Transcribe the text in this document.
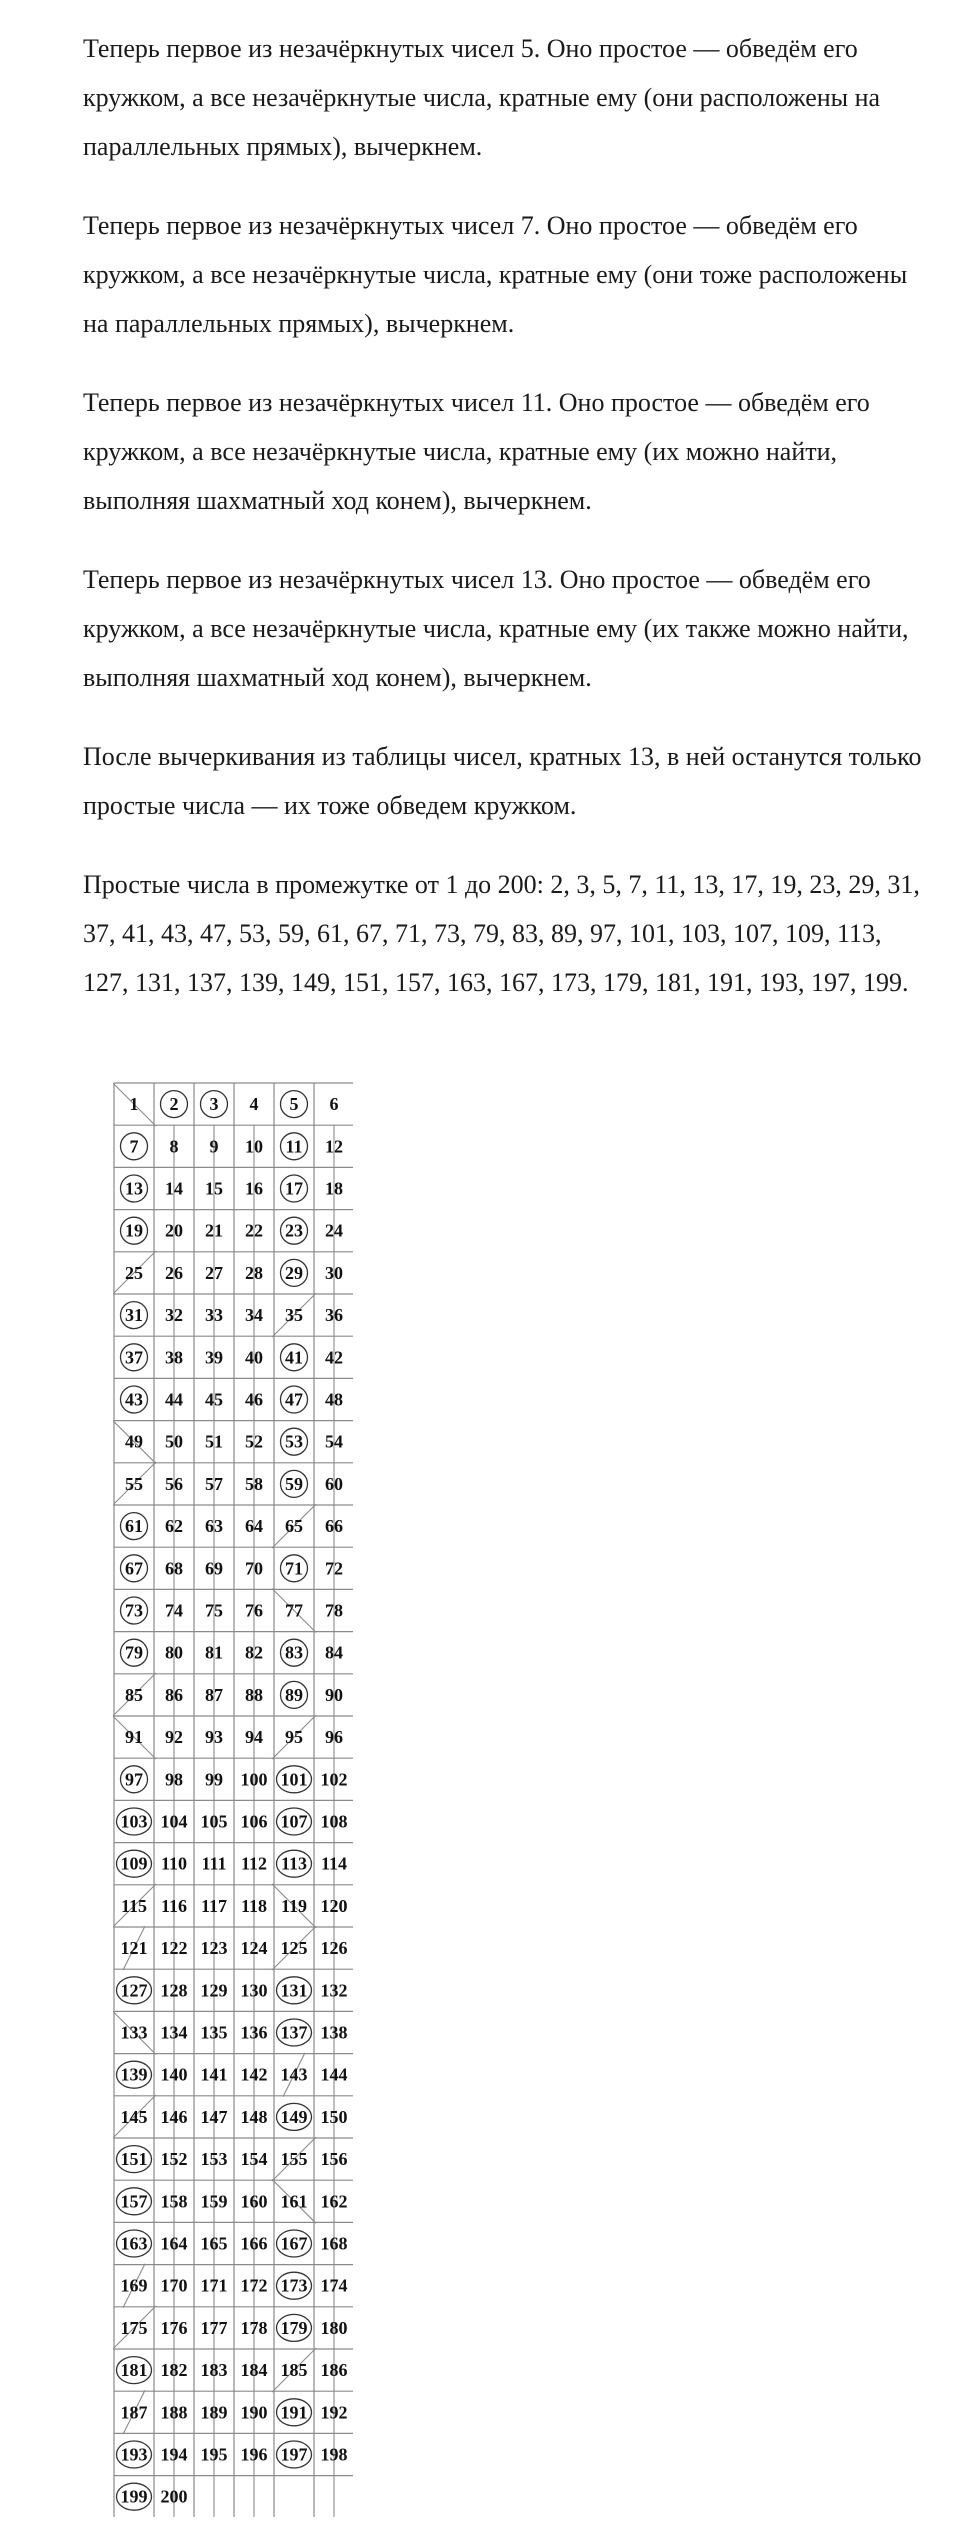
Теперь первое из незачёркнутых чисел 5. Оно простое — обведём его кружком, а все незачёркнутые числа, кратные ему (они расположены на параллельных прямых), вычеркнем.

Теперь первое из незачёркнутых чисел 7. Оно простое — обведём его кружком, а все незачёркнутые числа, кратные ему (они тоже расположены на параллельных прямых), вычеркнем.

Теперь первое из незачёркнутых чисел 11. Оно простое — обведём его кружком, а все незачёркнутые числа, кратные ему (их можно найти, выполняя шахматный ход конем), вычеркнем.

Теперь первое из незачёркнутых чисел 13. Оно простое — обведём его кружком, а все незачёркнутые числа, кратные ему (их также можно найти, выполняя шахматный ход конем), вычеркнем.

После вычеркивания из таблицы чисел, кратных 13, в ней останутся только простые числа — их тоже обведем кружком.

Простые числа в промежутке от 1 до 200: 2, 3, 5, 7, 11, 13, 17, 19, 23, 29, 31, 37, 41, 43, 47, 53, 59, 61, 67, 71, 73, 79, 83, 89, 97, 101, 103, 107, 109, 113, 127, 131, 137, 139, 149, 151, 157, 163, 167, 173, 179, 181, 191, 193, 197, 199.

1 2 3 4 5 6
7 8 9 10 11 12
13 14 15 16 17 18
19 20 21 22 23 24
25 26 27 28 29 30
31 32 33 34 35 36
37 38 39 40 41 42
43 44 45 46 47 48
49 50 51 52 53 54
55 56 57 58 59 60
61 62 63 64 65 66
67 68 69 70 71 72
73 74 75 76 77 78
79 80 81 82 83 84
85 86 87 88 89 90
91 92 93 94 95 96
97 98 99 100 101 102
103 104 105 106 107 108
109 110 111 112 113 114
115 116 117 118 119 120
121 122 123 124 125 126
127 128 129 130 131 132
133 134 135 136 137 138
139 140 141 142 143 144
145 146 147 148 149 150
151 152 153 154 155 156
157 158 159 160 161 162
163 164 165 166 167 168
169 170 171 172 173 174
175 176 177 178 179 180
181 182 183 184 185 186
187 188 189 190 191 192
193 194 195 196 197 198
199 200
